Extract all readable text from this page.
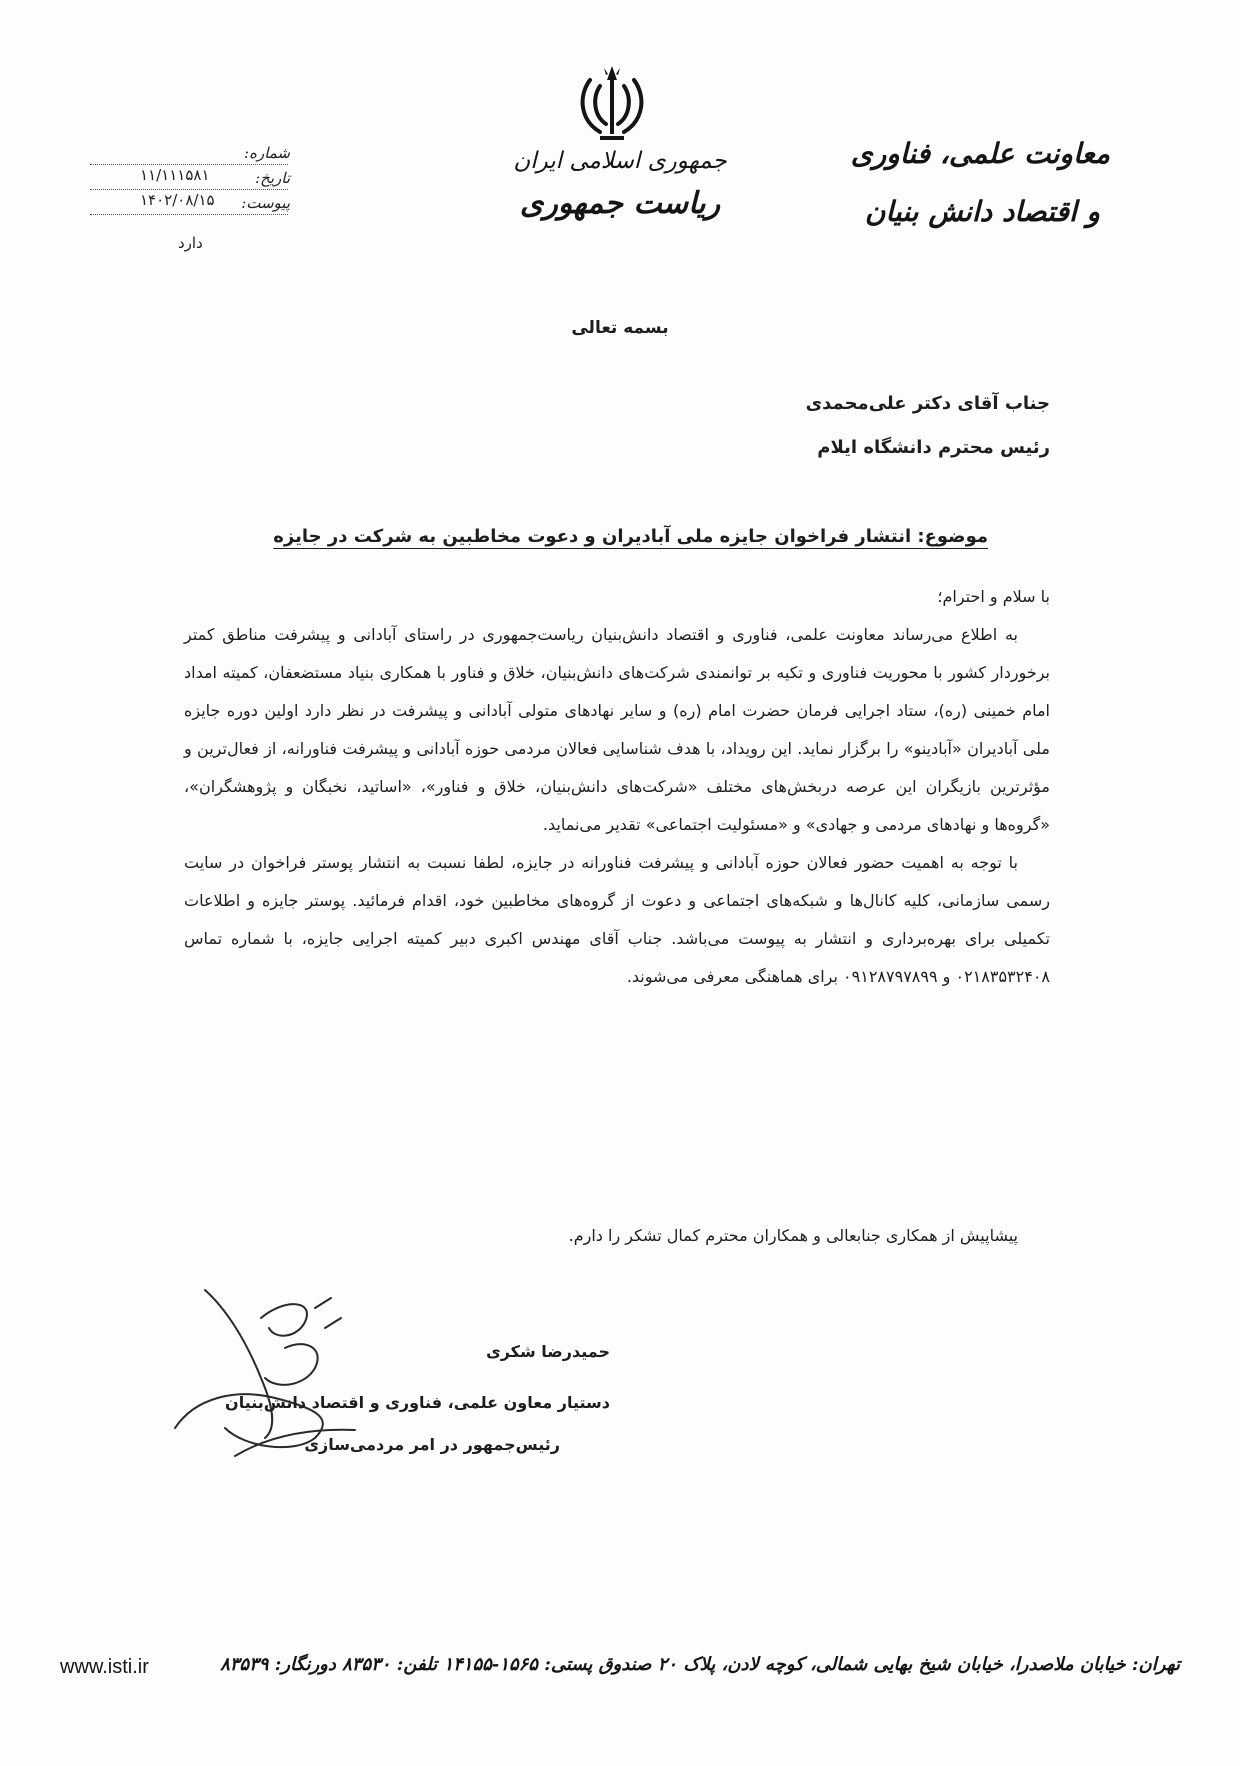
معاونت علمی، فناوری
و اقتصاد دانش بنیان
جمهوری اسلامی ایران
ریاست جمهوری
شماره:
۱۱/۱۱۱۵۸۱	تاریخ:
۱۴۰۲/۰۸/۱۵ پیوست:
دارد
بسمه تعالی
جناب آقای دکتر علی‌محمدی
رئیس محترم دانشگاه ایلام
موضوع: انتشار فراخوان جایزه ملی آبادیران و دعوت مخاطبین به شرکت در جایزه

با سلام و احترام؛

به اطلاع می‌رساند معاونت علمی، فناوری و اقتصاد دانش‌بنیان ریاست‌جمهوری در راستای آبادانی و پیشرفت مناطق کمتر برخوردار کشور با محوریت فناوری و تکیه بر توانمندی شرکت‌های دانش‌بنیان، خلاق و فناور با همکاری بنیاد مستضعفان، کمیته امداد امام خمینی (ره)، ستاد اجرایی فرمان حضرت امام (ره) و سایر نهادهای متولی آبادانی و پیشرفت در نظر دارد اولین دوره جایزه ملی آبادیران «آبادینو» را برگزار نماید. این رویداد، با هدف شناسایی فعالان مردمی حوزه آبادانی و پیشرفت فناورانه، از فعال‌ترین و مؤثرترین بازیگران این عرصه دربخش‌های مختلف «شرکت‌های دانش‌بنیان، خلاق و فناور»، «اساتید، نخبگان و پژوهشگران»، «گروه‌ها و نهادهای مردمی و جهادی» و «مسئولیت اجتماعی» تقدیر می‌نماید.

با توجه به اهمیت حضور فعالان حوزه آبادانی و پیشرفت فناورانه در جایزه، لطفا نسبت به انتشار پوستر فراخوان در سایت رسمی سازمانی، کلیه کانال‌ها و شبکه‌های اجتماعی و دعوت از گروه‌های مخاطبین خود، اقدام فرمائید. پوستر جایزه و اطلاعات تکمیلی برای بهره‌برداری و انتشار به پیوست می‌باشد. جناب آقای مهندس اکبری دبیر کمیته اجرایی جایزه، با شماره تماس ۰۲۱۸۳۵۳۲۴۰۸ و ۰۹۱۲۸۷۹۷۸۹۹ برای هماهنگی معرفی می‌شوند.

پیشاپیش از همکاری جنابعالی و همکاران محترم کمال تشکر را دارم.
حمیدرضا شکری
دستیار معاون علمی، فناوری و اقتصاد دانش‌بنیان
رئیس‌جمهور در امر مردمی‌سازی
www.isti.ir	تهران: خیابان ملاصدرا، خیابان شیخ بهایی شمالی، کوچه لادن، پلاک ۲۰ صندوق پستی: ۱۵۶۵-۱۴۱۵۵ تلفن: ۸۳۵۳۰ دورنگار: ۸۳۵۳۹
